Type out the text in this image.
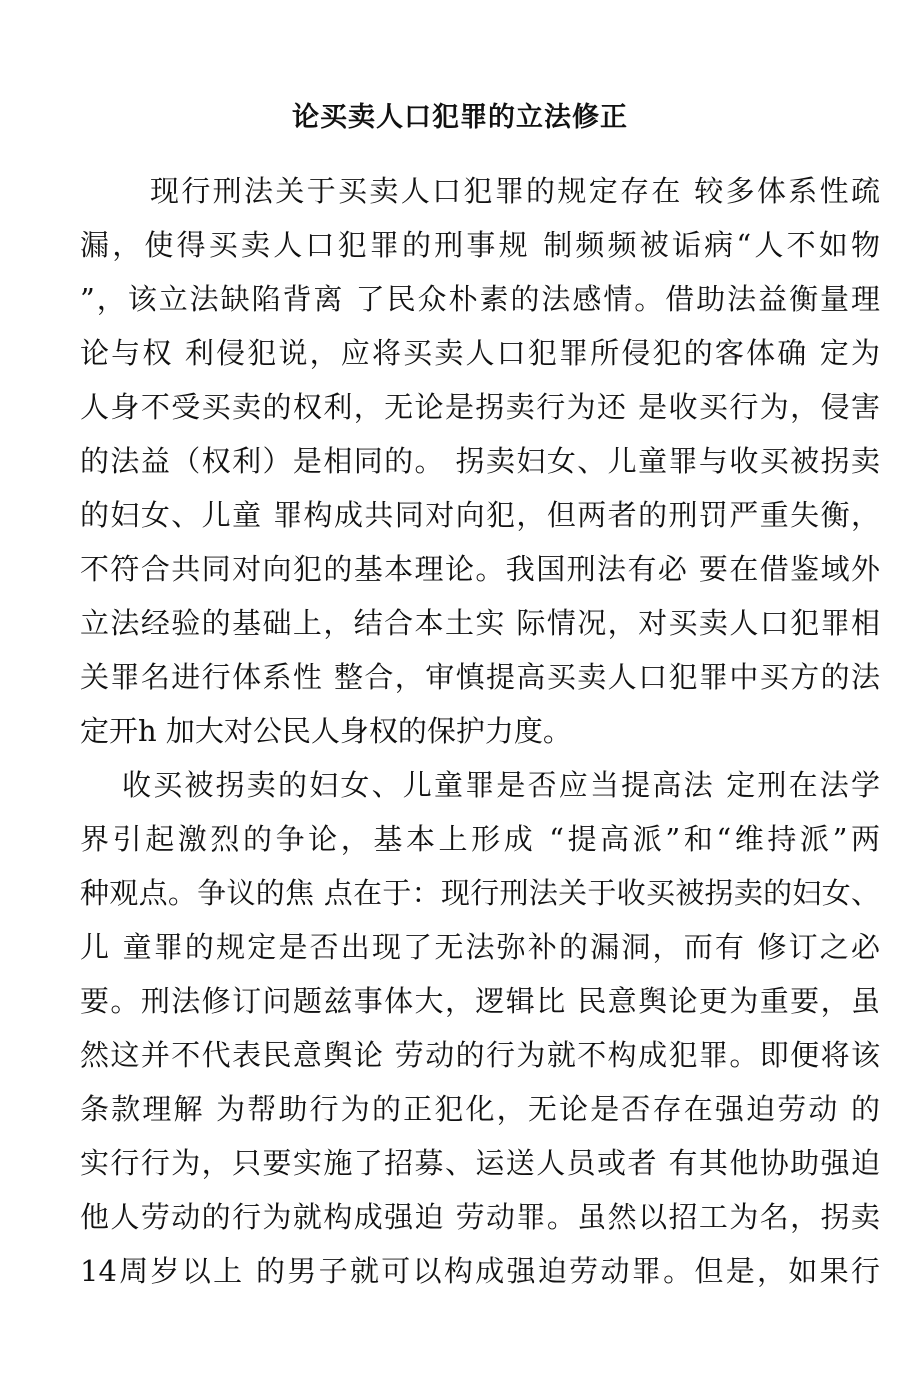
论买卖人口犯罪的立法修正
现行刑法关于买卖人口犯罪的规定存在 较多体系性疏
漏，使得买卖人口犯罪的刑事规 制频频被诟病“人不如物
”，该立法缺陷背离 了民众朴素的法感情。借助法益衡量理
论与权 利侵犯说，应将买卖人口犯罪所侵犯的客体确 定为
人身不受买卖的权利，无论是拐卖行为还 是收买行为，侵害
的法益（权利）是相同的。 拐卖妇女、儿童罪与收买被拐卖
的妇女、儿童 罪构成共同对向犯，但两者的刑罚严重失衡，
不符合共同对向犯的基本理论。我国刑法有必 要在借鉴域外
立法经验的基础上，结合本土实 际情况，对买卖人口犯罪相
关罪名进行体系性 整合，审慎提高买卖人口犯罪中买方的法
定开h 加大对公民人身权的保护力度。
收买被拐卖的妇女、儿童罪是否应当提高法 定刑在法学
界引起激烈的争论，基本上形成 “提高派”和“维持派”两
种观点。争议的焦 点在于：现行刑法关于收买被拐卖的妇女、
儿 童罪的规定是否出现了无法弥补的漏洞，而有 修订之必
要。刑法修订问题兹事体大，逻辑比 民意舆论更为重要，虽
然这并不代表民意舆论 劳动的行为就不构成犯罪。即便将该
条款理解 为帮助行为的正犯化，无论是否存在强迫劳动 的
实行行为，只要实施了招募、运送人员或者 有其他协助强迫
他人劳动的行为就构成强迫 劳动罪。虽然以招工为名，拐卖
14周岁以上 的男子就可以构成强迫劳动罪。但是，如果行
